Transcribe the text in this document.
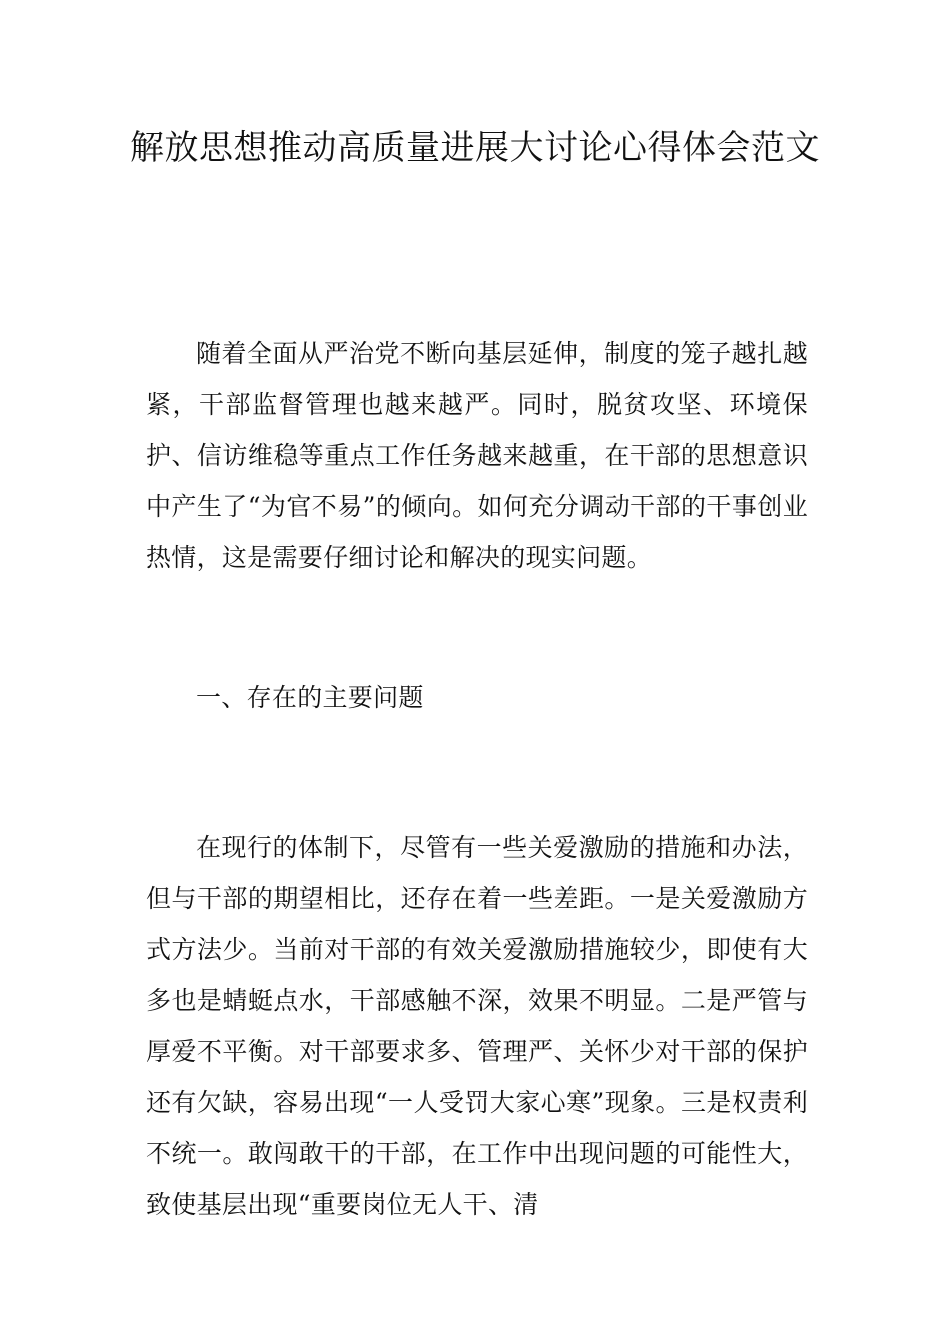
解放思想推动高质量进展大讨论心得体会范文

随着全面从严治党不断向基层延伸，制度的笼子越扎越紧，干部监督管理也越来越严。同时，脱贫攻坚、环境保护、信访维稳等重点工作任务越来越重，在干部的思想意识中产生了“为官不易”的倾向。如何充分调动干部的干事创业热情，这是需要仔细讨论和解决的现实问题。

一、存在的主要问题

在现行的体制下，尽管有一些关爱激励的措施和办法，但与干部的期望相比，还存在着一些差距。一是关爱激励方式方法少。当前对干部的有效关爱激励措施较少，即使有大多也是蜻蜓点水，干部感触不深，效果不明显。二是严管与厚爱不平衡。对干部要求多、管理严、关怀少对干部的保护还有欠缺，容易出现“一人受罚大家心寒”现象。三是权责利不统一。敢闯敢干的干部，在工作中出现问题的可能性大，致使基层出现“重要岗位无人干、清
